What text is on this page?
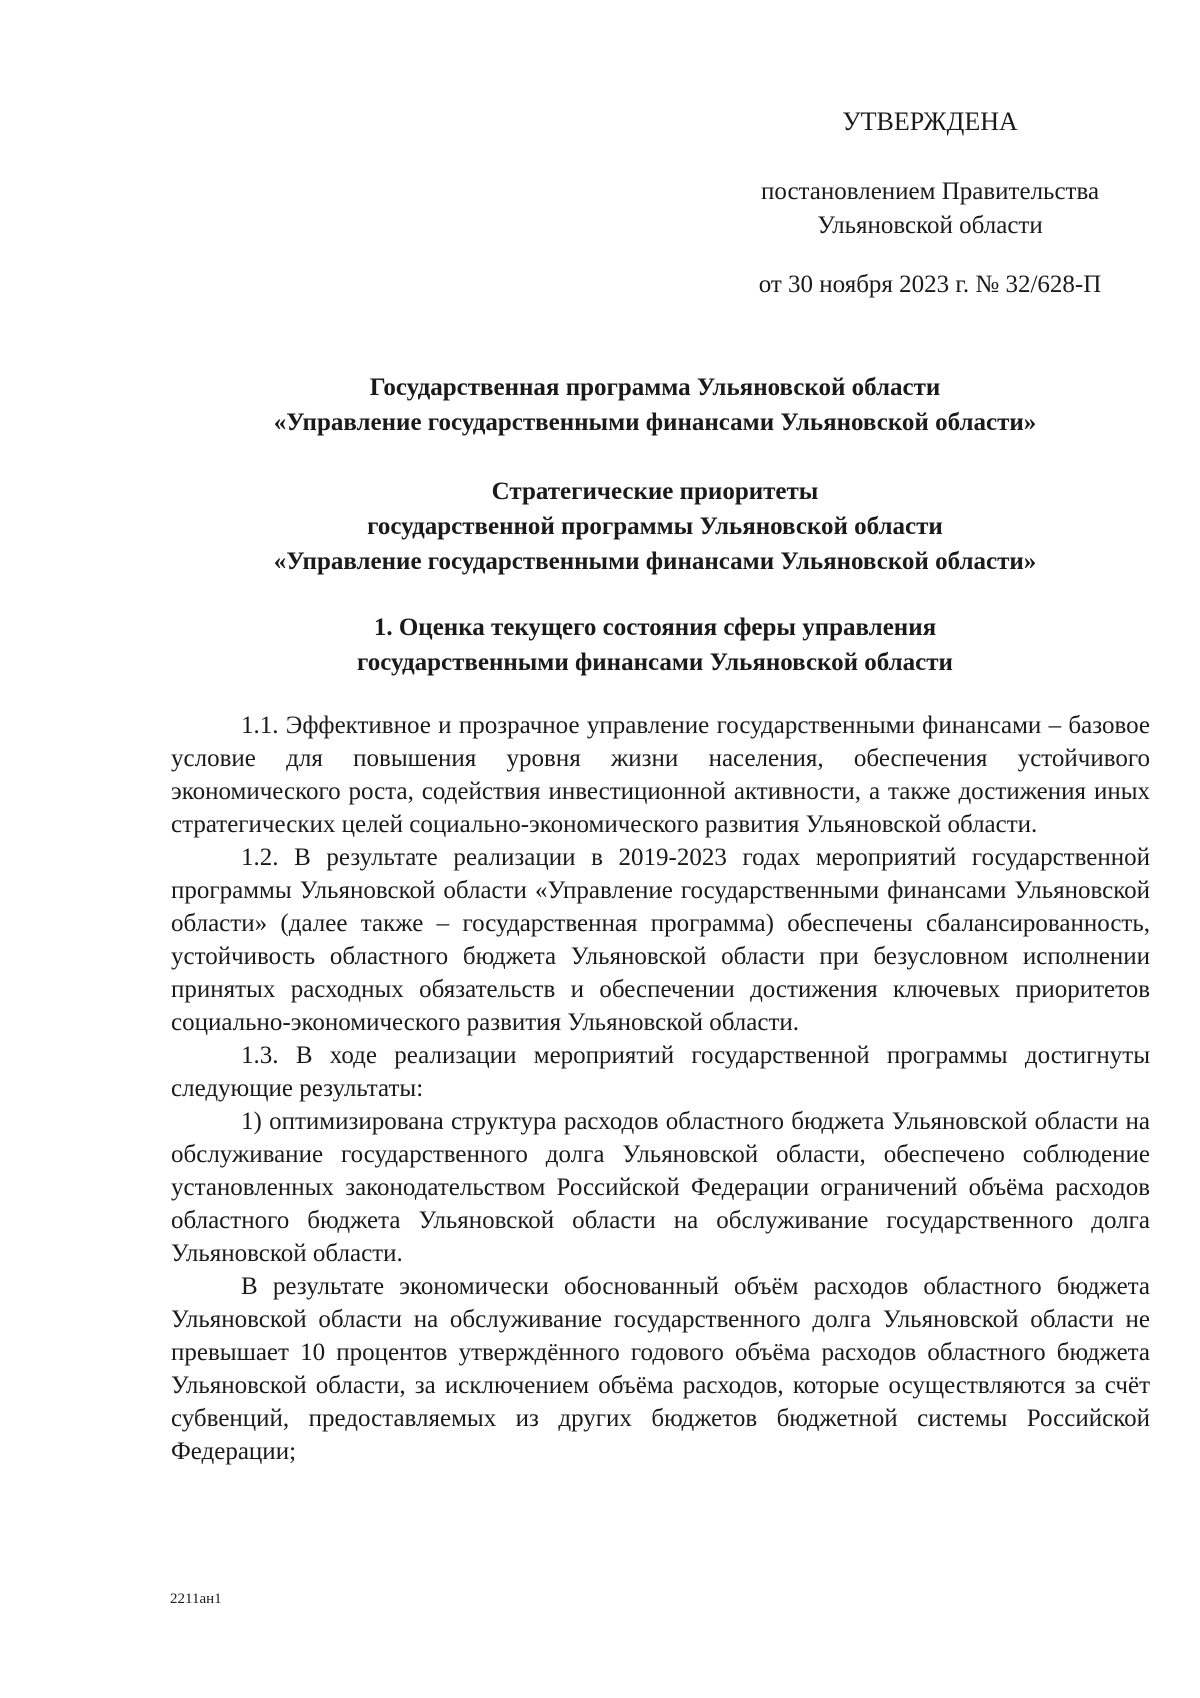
УТВЕРЖДЕНА
постановлением Правительства
Ульяновской области
от 30 ноября 2023 г. № 32/628-П
Государственная программа Ульяновской области
«Управление государственными финансами Ульяновской области»
Стратегические приоритеты
государственной программы Ульяновской области
«Управление государственными финансами Ульяновской области»
1. Оценка текущего состояния сферы управления
государственными финансами Ульяновской области

1.1. Эффективное и прозрачное управление государственными финансами – базовое условие для повышения уровня жизни населения, обеспечения устойчивого экономического роста, содействия инвестиционной активности, а также достижения иных стратегических целей социально-экономического развития Ульяновской области.

1.2. В результате реализации в 2019-2023 годах мероприятий государственной программы Ульяновской области «Управление государственными финансами Ульяновской области» (далее также – государственная программа) обеспечены сбалансированность, устойчивость областного бюджета Ульяновской области при безусловном исполнении принятых расходных обязательств и обеспечении достижения ключевых приоритетов социально-экономического развития Ульяновской области.

1.3. В ходе реализации мероприятий государственной программы достигнуты следующие результаты:

1) оптимизирована структура расходов областного бюджета Ульяновской области на обслуживание государственного долга Ульяновской области, обеспечено соблюдение установленных законодательством Российской Федерации ограничений объёма расходов областного бюджета Ульяновской области на обслуживание государственного долга Ульяновской области.

В результате экономически обоснованный объём расходов областного бюджета Ульяновской области на обслуживание государственного долга Ульяновской области не превышает 10 процентов утверждённого годового объёма расходов областного бюджета Ульяновской области, за исключением объёма расходов, которые осуществляются за счёт субвенций, предоставляемых из других бюджетов бюджетной системы Российской Федерации;

2211ан1
